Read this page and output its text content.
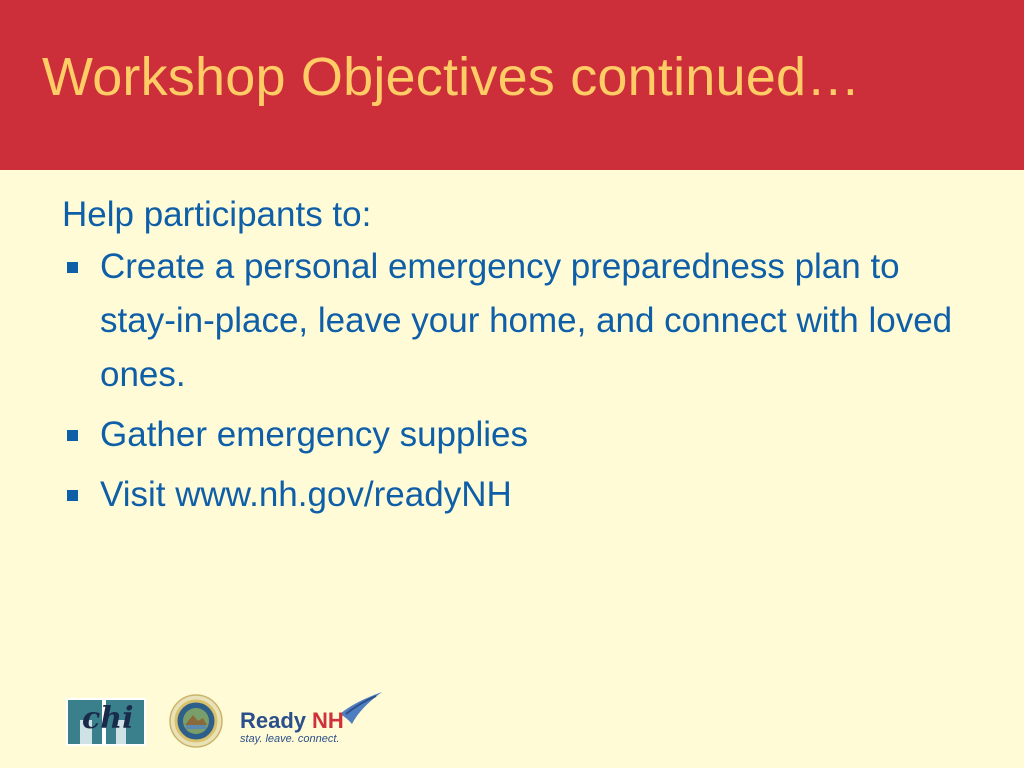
Workshop Objectives continued…

Help participants to:

Create a personal emergency preparedness plan to stay-in-place, leave your home, and connect with loved ones.
Gather emergency supplies
Visit www.nh.gov/readyNH
chi	Ready NH
stay. leave. connect.
